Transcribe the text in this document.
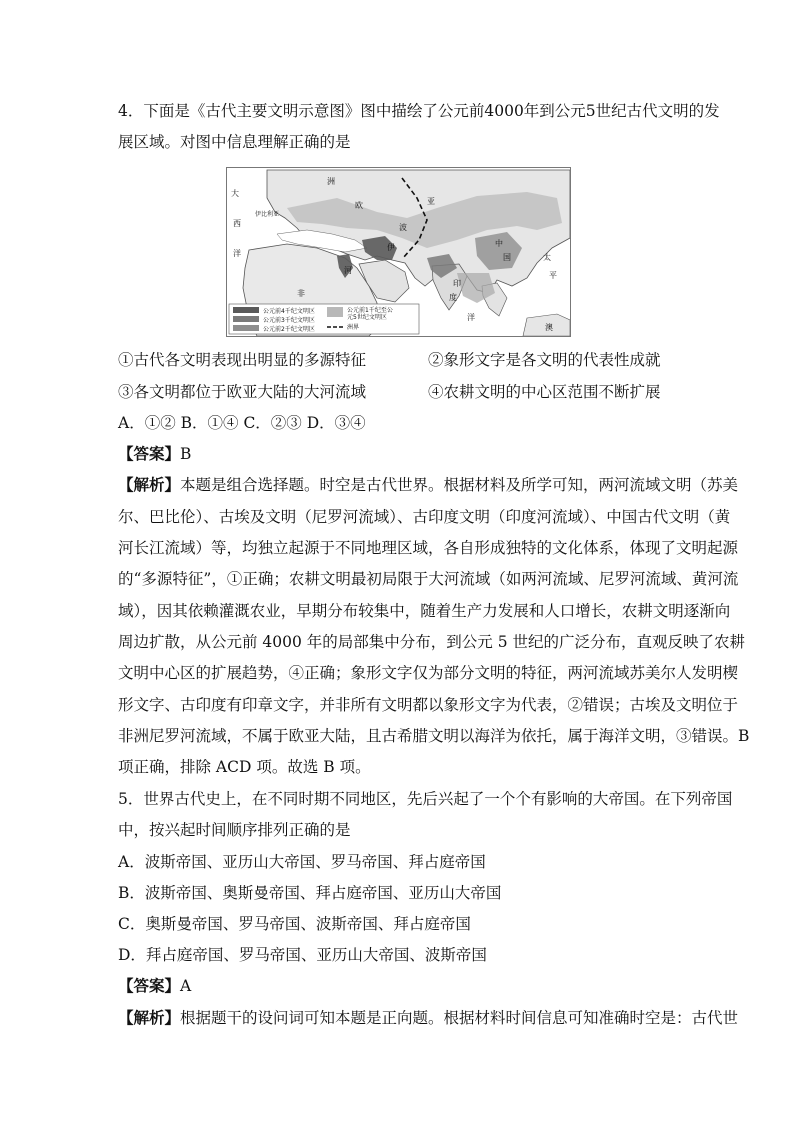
4．下面是《古代主要文明示意图》图中描绘了公元前4000年到公元5世纪古代文明的发
展区域。对图中信息理解正确的是
大
西
洋
洲
欧	亚
波
伊
河
非
印
度
中
国	太
平
澳
洋
伊比利亚
公元前4千纪文明区
公元前3千纪文明区
公元前2千纪文明区
公元前1千纪至公
元5世纪文明区
洲界
①古代各文明表现出明显的多源特征	②象形文字是各文明的代表性成就
③各文明都位于欧亚大陆的大河流域	④农耕文明的中心区范围不断扩展
A．①② B．①④ C．②③ D．③④
【答案】B
【解析】本题是组合选择题。时空是古代世界。根据材料及所学可知，两河流域文明（苏美
尔、巴比伦）、古埃及文明（尼罗河流域）、古印度文明（印度河流域）、中国古代文明（黄
河长江流域）等，均独立起源于不同地理区域，各自形成独特的文化体系，体现了文明起源
的“多源特征”，①正确；农耕文明最初局限于大河流域（如两河流域、尼罗河流域、黄河流
域），因其依赖灌溉农业，早期分布较集中，随着生产力发展和人口增长，农耕文明逐渐向
周边扩散，从公元前 4000 年的局部集中分布，到公元 5 世纪的广泛分布，直观反映了农耕
文明中心区的扩展趋势，④正确；象形文字仅为部分文明的特征，两河流域苏美尔人发明楔
形文字、古印度有印章文字，并非所有文明都以象形文字为代表，②错误；古埃及文明位于
非洲尼罗河流域，不属于欧亚大陆，且古希腊文明以海洋为依托，属于海洋文明，③错误。B
项正确，排除 ACD 项。故选 B 项。
5．世界古代史上，在不同时期不同地区，先后兴起了一个个有影响的大帝国。在下列帝国
中，按兴起时间顺序排列正确的是
A．波斯帝国、亚历山大帝国、罗马帝国、拜占庭帝国
B．波斯帝国、奥斯曼帝国、拜占庭帝国、亚历山大帝国
C．奥斯曼帝国、罗马帝国、波斯帝国、拜占庭帝国
D．拜占庭帝国、罗马帝国、亚历山大帝国、波斯帝国
【答案】A
【解析】根据题干的设问词可知本题是正向题。根据材料时间信息可知准确时空是：古代世
